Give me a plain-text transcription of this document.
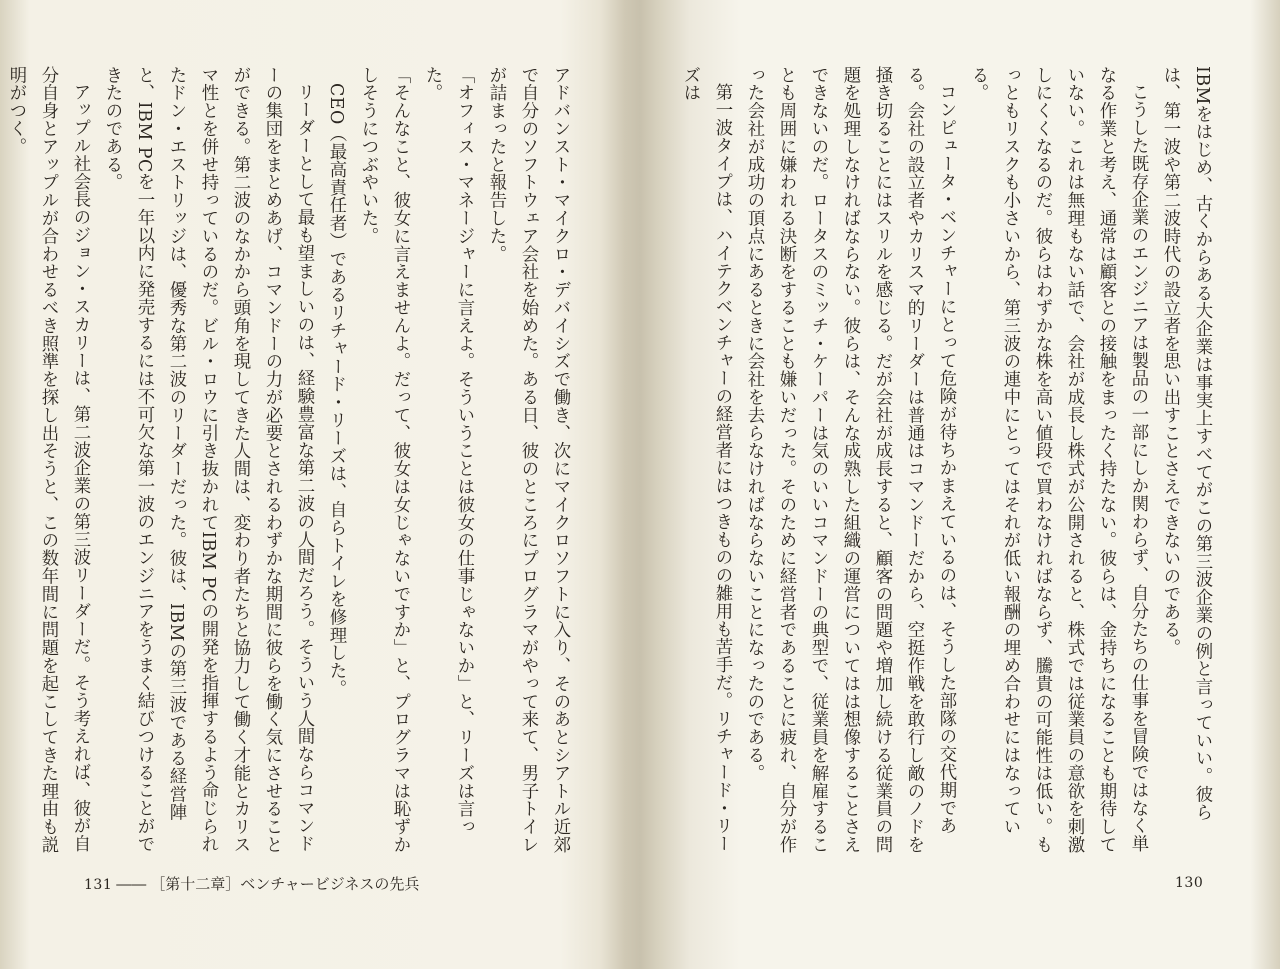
アドバンスト・マイクロ・デバイシズで働き、次にマイクロソフトに入り、そのあとシアトル近郊で自分のソフトウェア会社を始めた。ある日、彼のところにプログラマがやって来て、男子トイレが詰まったと報告した。

「オフィス・マネージャーに言えよ。そういうことは彼女の仕事じゃないか」と、リーズは言った。

「そんなこと、彼女に言えませんよ。だって、彼女は女じゃないですか」と、プログラマは恥ずかしそうにつぶやいた。

CEO（最高責任者）であるリチャード・リーズは、自らトイレを修理した。

リーダーとして最も望ましいのは、経験豊富な第二波の人間だろう。そういう人間ならコマンドーの集団をまとめあげ、コマンドーの力が必要とされるわずかな期間に彼らを働く気にさせることができる。第二波のなかから頭角を現してきた人間は、変わり者たちと協力して働く才能とカリスマ性とを併せ持っているのだ。ビル・ロウに引き抜かれてIBM PCの開発を指揮するよう命じられたドン・エストリッジは、優秀な第二波のリーダーだった。彼は、IBMの第三波である経営陣と、IBM PCを一年以内に発売するには不可欠な第一波のエンジニアをうまく結びつけることができたのである。

アップル社会長のジョン・スカリーは、第二波企業の第三波リーダーだ。そう考えれば、彼が自分自身とアップルが合わせるべき照準を探し出そうと、この数年間に問題を起こしてきた理由も説明がつく。

131 ―― ［第十二章］ベンチャービジネスの先兵

IBMをはじめ、古くからある大企業は事実上すべてがこの第三波企業の例と言っていい。彼らは、第一波や第二波時代の設立者を思い出すことさえできないのである。

こうした既存企業のエンジニアは製品の一部にしか関わらず、自分たちの仕事を冒険ではなく単なる作業と考え、通常は顧客との接触をまったく持たない。彼らは、金持ちになることも期待していない。これは無理もない話で、会社が成長し株式が公開されると、株式では従業員の意欲を刺激しにくくなるのだ。彼らはわずかな株を高い値段で買わなければならず、騰貴の可能性は低い。もっともリスクも小さいから、第三波の連中にとってはそれが低い報酬の埋め合わせにはなっている。

コンピュータ・ベンチャーにとって危険が待ちかまえているのは、そうした部隊の交代期である。会社の設立者やカリスマ的リーダーは普通はコマンドーだから、空挺作戦を敢行し敵のノドを掻き切ることにはスリルを感じる。だが会社が成長すると、顧客の問題や増加し続ける従業員の問題を処理しなければならない。彼らは、そんな成熟した組織の運営についてはは想像することさえできないのだ。ロータスのミッチ・ケーパーは気のいいコマンドーの典型で、従業員を解雇することも周囲に嫌われる決断をすることも嫌いだった。そのために経営者であることに疲れ、自分が作った会社が成功の頂点にあるときに会社を去らなければならないことになったのである。

第一波タイプは、ハイテクベンチャーの経営者にはつきものの雑用も苦手だ。リチャード・リーズは

130
